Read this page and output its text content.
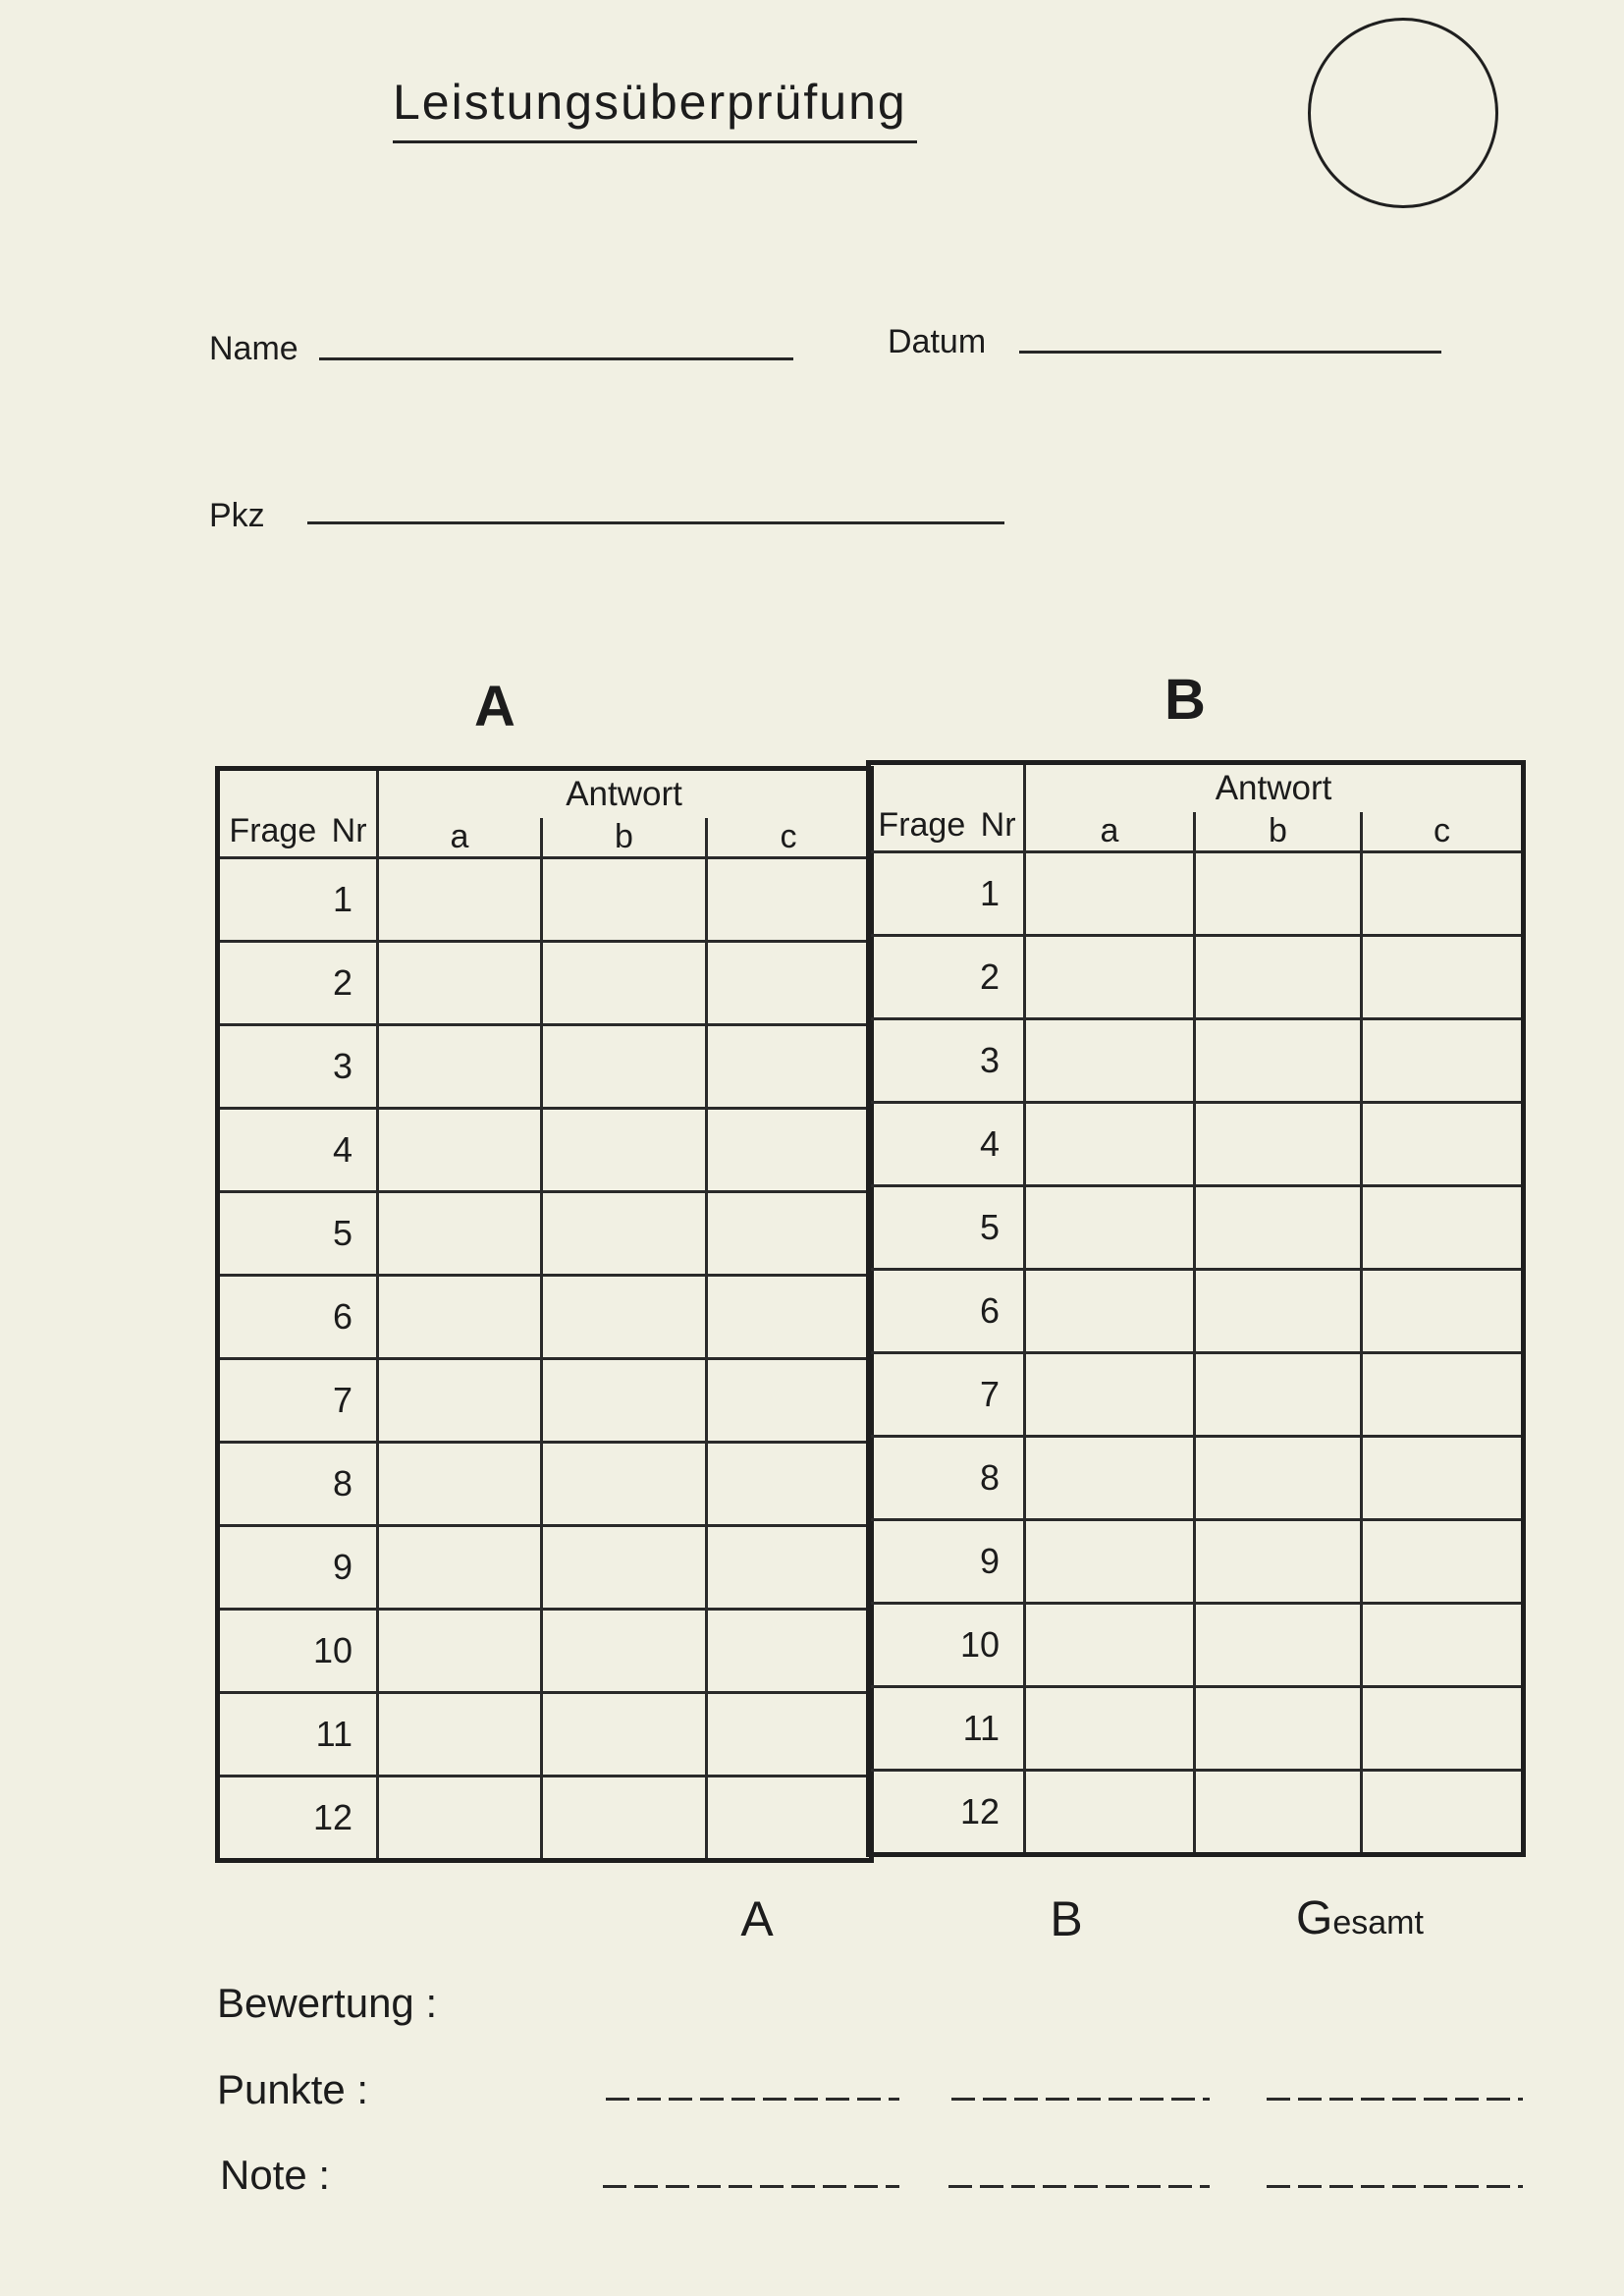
Leistungsüberprüfung
Name	Datum
Pkz
A	B
Frage Nr	Antwort		
	a	b	c
1			
2			
3			
4			
5			
6			
7			
8			
9			
10			
11			
12			
Frage Nr	Antwort		
	a	b	c
1			
2			
3			
4			
5			
6			
7			
8			
9			
10			
11			
12			
A	B	Gesamt
Bewertung :
Punkte :
Note :
